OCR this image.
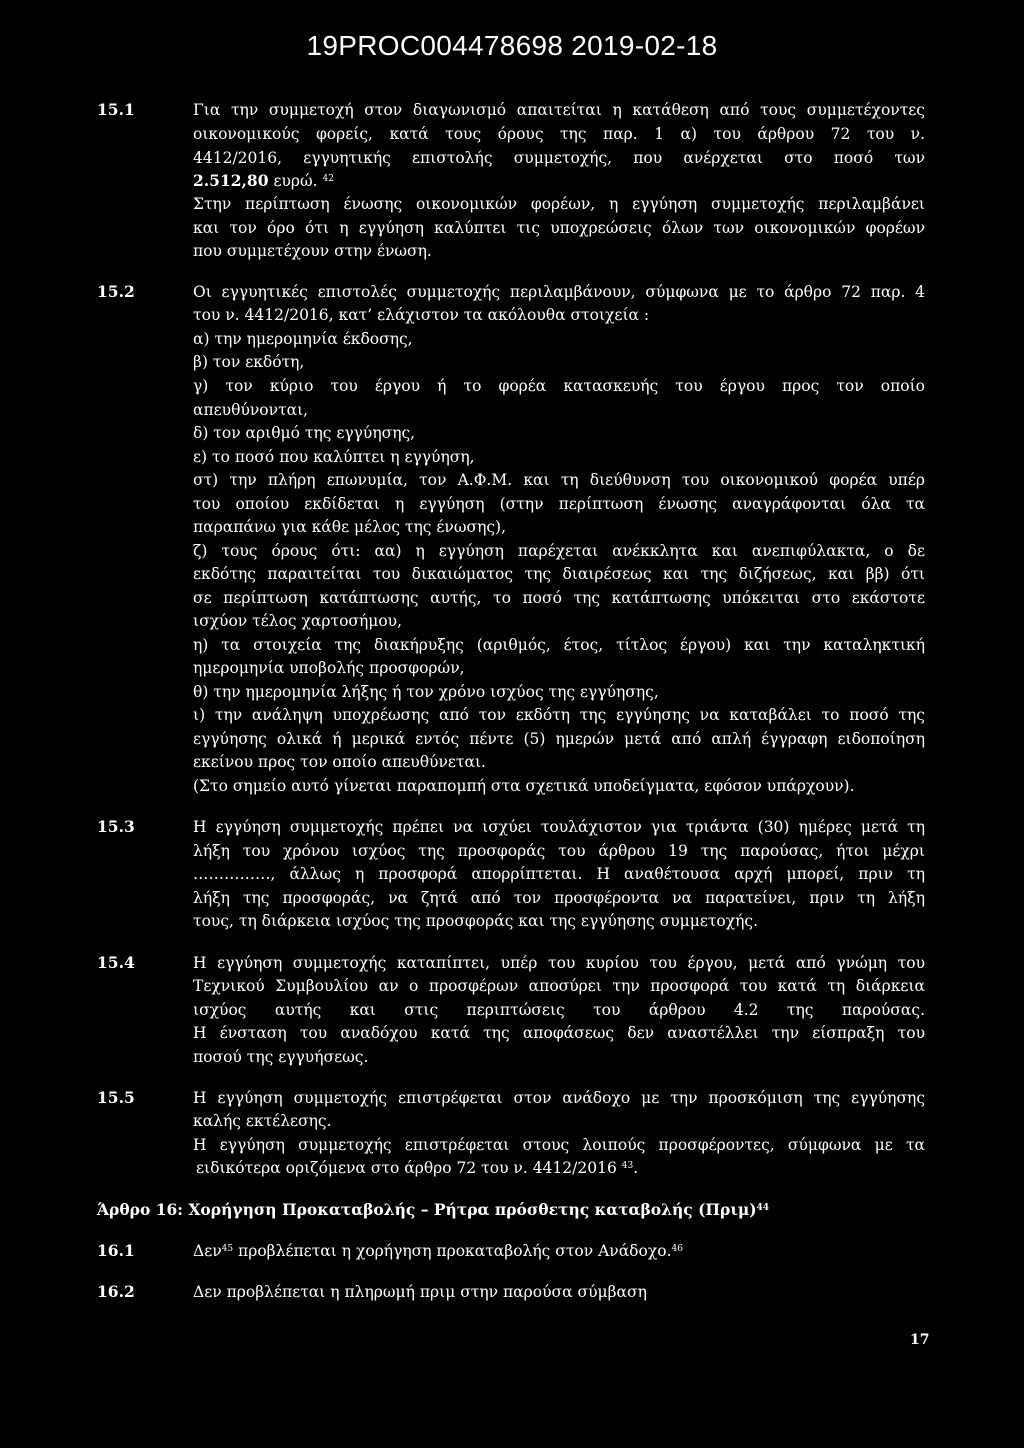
19PROC004478698 2019-02-18
15.1	Για την συμμετοχή στον διαγωνισμό απαιτείται η κατάθεση από τους συμμετέχοντες
οικονομικούς φορείς, κατά τους όρους της παρ. 1 α) του άρθρου 72 του ν.
4412/2016, εγγυητικής επιστολής συμμετοχής, που ανέρχεται στο ποσό των
2.512,80 ευρώ. $^{42}$
Στην περίπτωση ένωσης οικονομικών φορέων, η εγγύηση συμμετοχής περιλαμβάνει
και τον όρο ότι η εγγύηση καλύπτει τις υποχρεώσεις όλων των οικονομικών φορέων
που συμμετέχουν στην ένωση.
15.2	Οι εγγυητικές επιστολές συμμετοχής περιλαμβάνουν, σύμφωνα με το άρθρο 72 παρ. 4
του ν. 4412/2016, κατ’ ελάχιστον τα ακόλουθα στοιχεία :
α) την ημερομηνία έκδοσης,
β) τον εκδότη,
γ) τον κύριο του έργου ή το φορέα κατασκευής του έργου προς τον οποίο
απευθύνονται,
δ) τον αριθμό της εγγύησης,
ε) το ποσό που καλύπτει η εγγύηση,
στ) την πλήρη επωνυμία, τον Α.Φ.Μ. και τη διεύθυνση του οικονομικού φορέα υπέρ
του οποίου εκδίδεται η εγγύηση (στην περίπτωση ένωσης αναγράφονται όλα τα
παραπάνω για κάθε μέλος της ένωσης),
ζ) τους όρους ότι: αα) η εγγύηση παρέχεται ανέκκλητα και ανεπιφύλακτα, ο δε
εκδότης παραιτείται του δικαιώματος της διαιρέσεως και της διζήσεως, και ββ) ότι
σε περίπτωση κατάπτωσης αυτής, το ποσό της κατάπτωσης υπόκειται στο εκάστοτε
ισχύον τέλος χαρτοσήμου,
η) τα στοιχεία της διακήρυξης (αριθμός, έτος, τίτλος έργου) και την καταληκτική
ημερομηνία υποβολής προσφορών,
θ) την ημερομηνία λήξης ή τον χρόνο ισχύος της εγγύησης,
ι) την ανάληψη υποχρέωσης από τον εκδότη της εγγύησης να καταβάλει το ποσό της
εγγύησης ολικά ή μερικά εντός πέντε (5) ημερών μετά από απλή έγγραφη ειδοποίηση
εκείνου προς τον οποίο απευθύνεται.
(Στο σημείο αυτό γίνεται παραπομπή στα σχετικά υποδείγματα, εφόσον υπάρχουν).
15.3	Η εγγύηση συμμετοχής πρέπει να ισχύει τουλάχιστον για τριάντα (30) ημέρες μετά τη
λήξη του χρόνου ισχύος της προσφοράς του άρθρου 19 της παρούσας, ήτοι μέχρι
……………, άλλως η προσφορά απορρίπτεται. Η αναθέτουσα αρχή μπορεί, πριν τη
λήξη της προσφοράς, να ζητά από τον προσφέροντα να παρατείνει, πριν τη λήξη
τους, τη διάρκεια ισχύος της προσφοράς και της εγγύησης συμμετοχής.
15.4	Η εγγύηση συμμετοχής καταπίπτει, υπέρ του κυρίου του έργου, μετά από γνώμη του
Τεχνικού Συμβουλίου αν ο προσφέρων αποσύρει την προσφορά του κατά τη διάρκεια
ισχύος αυτής και στις περιπτώσεις του άρθρου 4.2 της παρούσας.
Η ένσταση του αναδόχου κατά της αποφάσεως δεν αναστέλλει την είσπραξη του
ποσού της εγγυήσεως.
15.5	Η εγγύηση συμμετοχής επιστρέφεται στον ανάδοχο με την προσκόμιση της εγγύησης
καλής εκτέλεσης.
Η εγγύηση συμμετοχής επιστρέφεται στους λοιπούς προσφέροντες, σύμφωνα με τα
ειδικότερα οριζόμενα στο άρθρο 72 του ν. 4412/2016 $^{43}$.
Άρθρο 16: Χορήγηση Προκαταβολής – Ρήτρα πρόσθετης καταβολής $(\Pi\rho\iota\mu)^{44}$
16.1	Δεν$^{45}$ προβλέπεται η χορήγηση προκαταβολής στον Ανάδοχο.$^{46}$
16.2	Δεν προβλέπεται η πληρωμή πριμ στην παρούσα σύμβαση
17
